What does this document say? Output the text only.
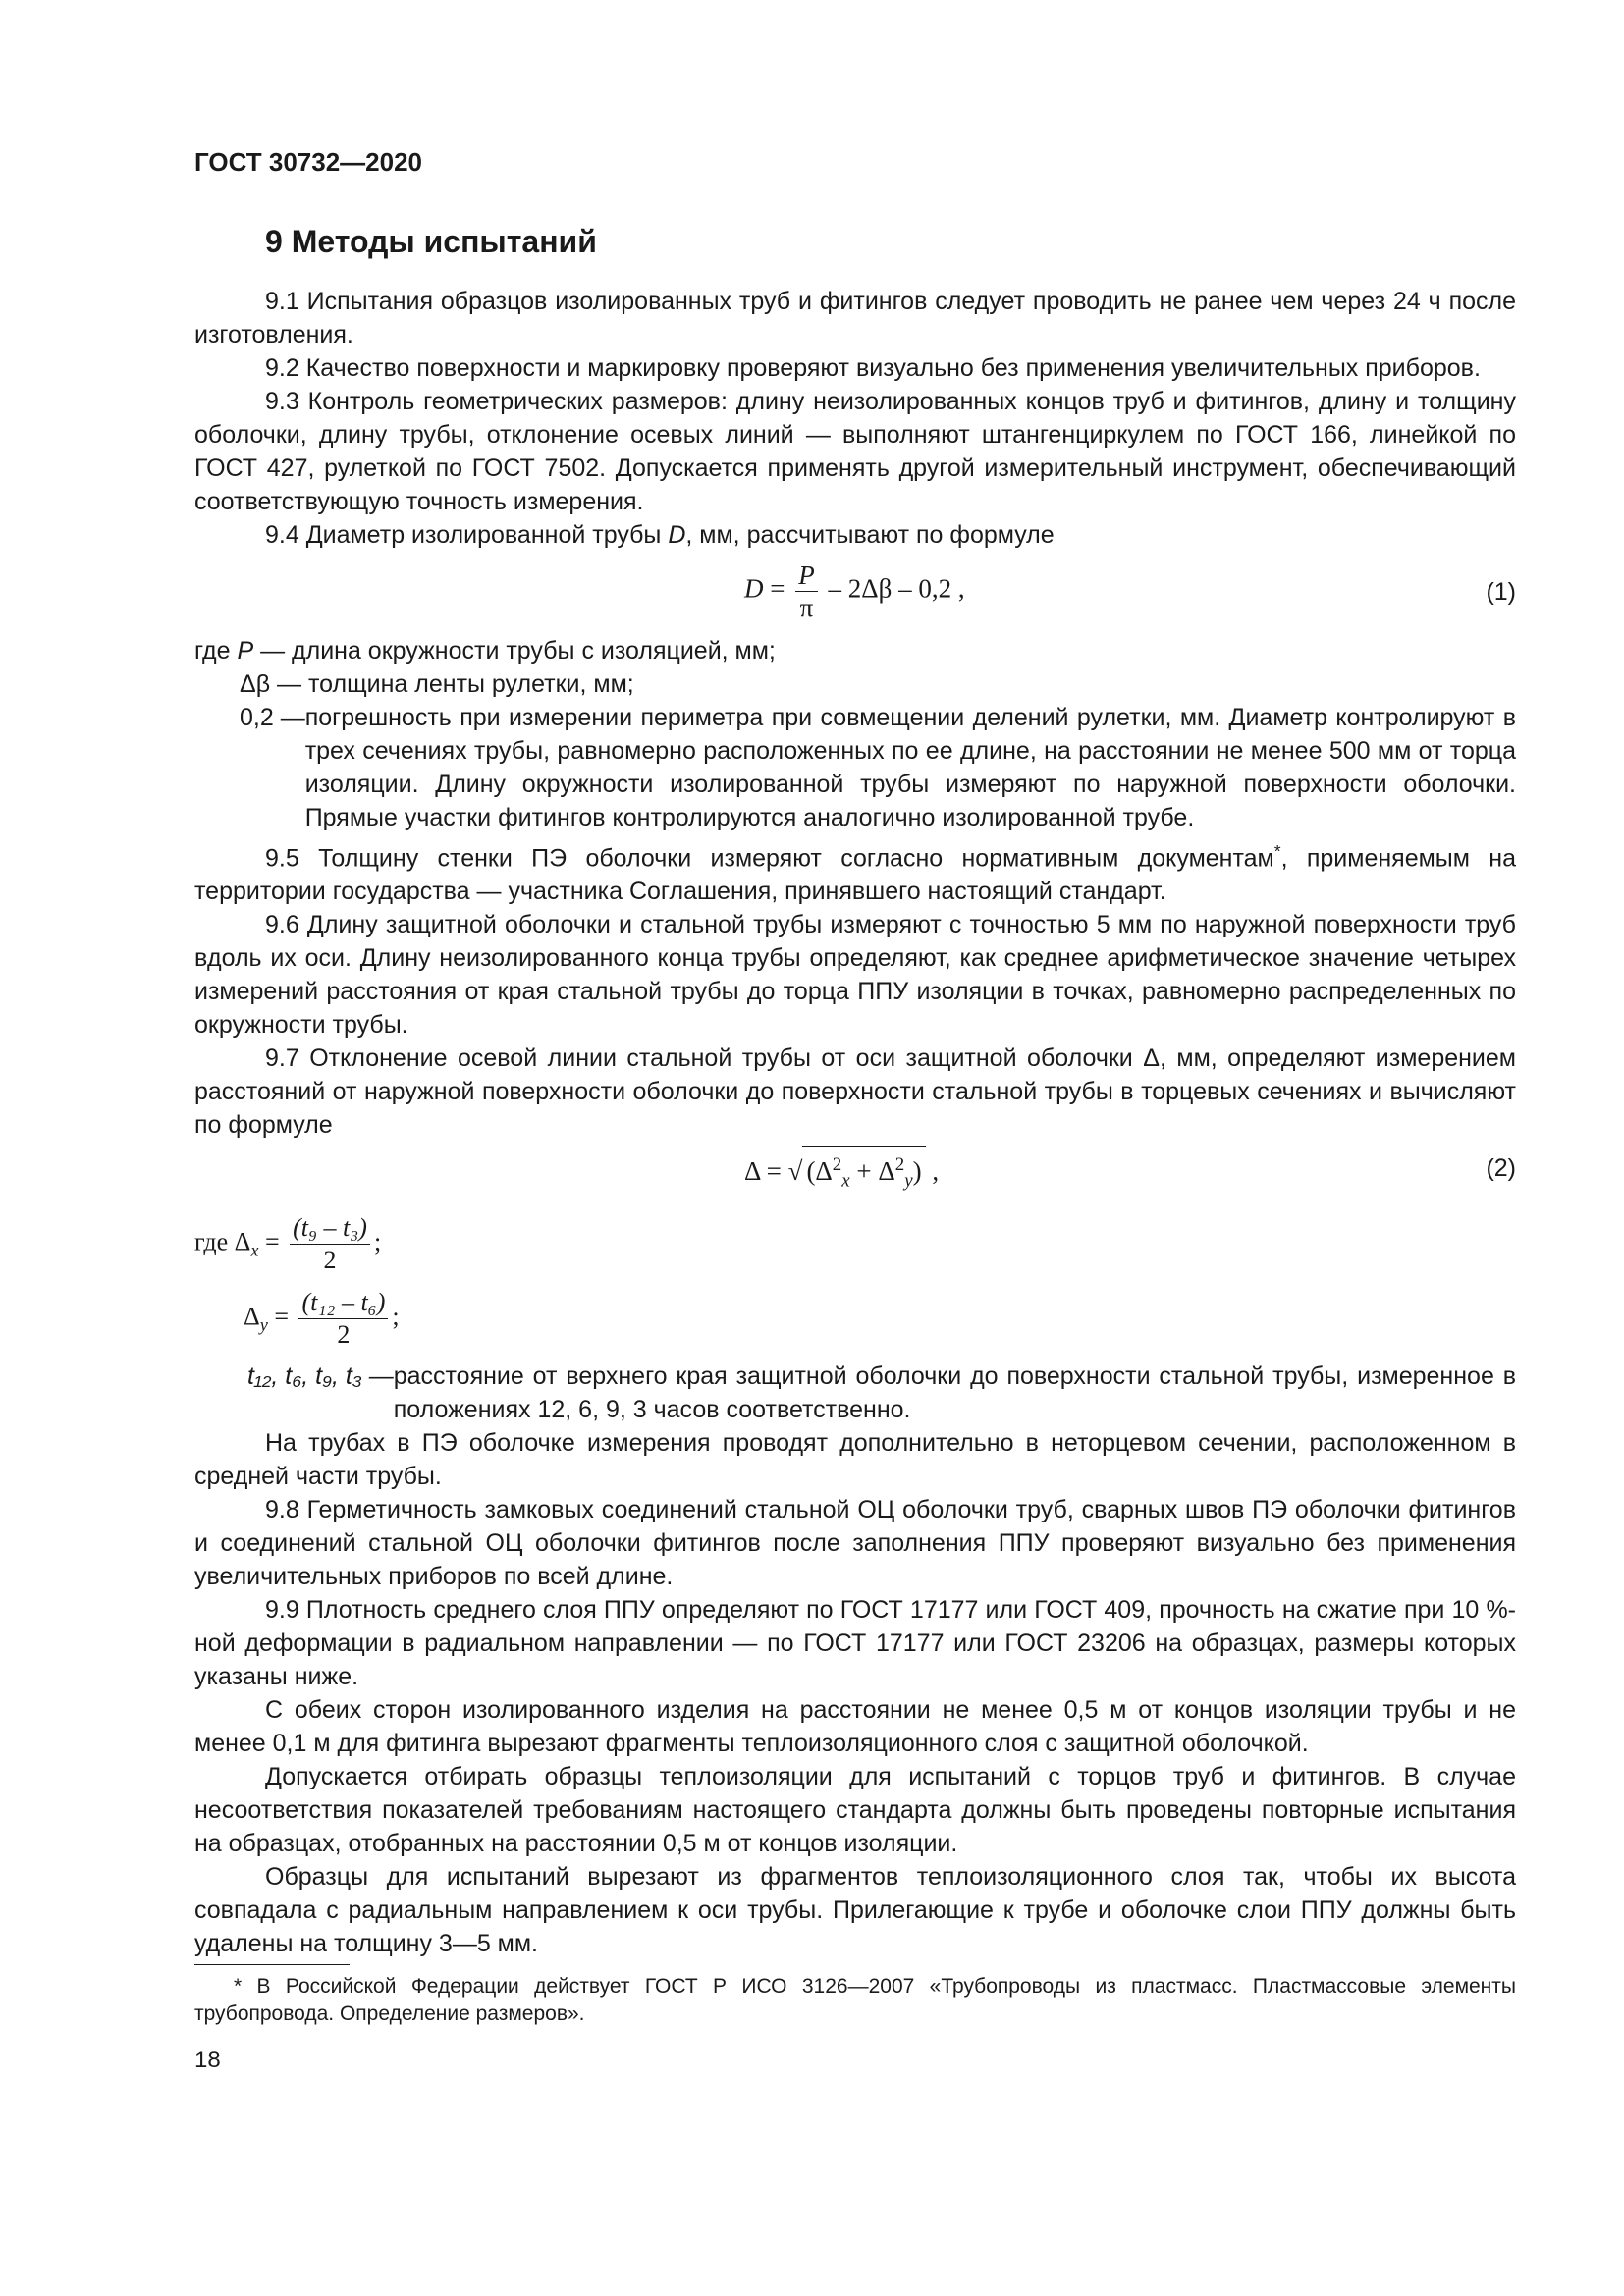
ГОСТ 30732—2020
9 Методы испытаний

9.1 Испытания образцов изолированных труб и фитингов следует проводить не ранее чем через 24 ч после изготовления.

9.2 Качество поверхности и маркировку проверяют визуально без применения увеличительных приборов.

9.3 Контроль геометрических размеров: длину неизолированных концов труб и фитингов, длину и толщину оболочки, длину трубы, отклонение осевых линий — выполняют штангенциркулем по ГОСТ 166, линейкой по ГОСТ 427, рулеткой по ГОСТ 7502. Допускается применять другой измерительный инструмент, обеспечивающий соответствующую точность измерения.

9.4 Диаметр изолированной трубы D, мм, рассчитывают по формуле

$D = \frac{P}{\pi} - 2\Delta\beta - 0,2$ ,	(1)

где P — длина окружности трубы с изоляцией, мм;

Δβ — толщина ленты рулетки, мм;

0,2 — погрешность при измерении периметра при совмещении делений рулетки, мм. Диаметр контролируют в трех сечениях трубы, равномерно расположенных по ее длине, на расстоянии не менее 500 мм от торца изоляции. Длину окружности изолированной трубы измеряют по наружной поверхности оболочки. Прямые участки фитингов контролируются аналогично изолированной трубе.

9.5 Толщину стенки ПЭ оболочки измеряют согласно нормативным документам*, применяемым на территории государства — участника Соглашения, принявшего настоящий стандарт.

9.6 Длину защитной оболочки и стальной трубы измеряют с точностью 5 мм по наружной поверхности труб вдоль их оси. Длину неизолированного конца трубы определяют, как среднее арифметическое значение четырех измерений расстояния от края стальной трубы до торца ППУ изоляции в точках, равномерно распределенных по окружности трубы.

9.7 Отклонение осевой линии стальной трубы от оси защитной оболочки Δ, мм, определяют измерением расстояний от наружной поверхности оболочки до поверхности стальной трубы в торцевых сечениях и вычисляют по формуле

Δ = √ $(\Delta^2_x + \Delta^2_y)$ ,	(2)
где $\Delta_x = \frac{\text{(t₉ – t₃)}}{2}$ ;
$\Delta_y = \frac{\text{(t₁₂ – t₆)}}{2}$ ;
t₁₂, t₆, t₉, t₃ — расстояние от верхнего края защитной оболочки до поверхности стальной трубы, измеренное в положениях 12, 6, 9, 3 часов соответственно.

На трубах в ПЭ оболочке измерения проводят дополнительно в неторцевом сечении, расположенном в средней части трубы.

9.8 Герметичность замковых соединений стальной ОЦ оболочки труб, сварных швов ПЭ оболочки фитингов и соединений стальной ОЦ оболочки фитингов после заполнения ППУ проверяют визуально без применения увеличительных приборов по всей длине.

9.9 Плотность среднего слоя ППУ определяют по ГОСТ 17177 или ГОСТ 409, прочность на сжатие при 10 %-ной деформации в радиальном направлении — по ГОСТ 17177 или ГОСТ 23206 на образцах, размеры которых указаны ниже.

С обеих сторон изолированного изделия на расстоянии не менее 0,5 м от концов изоляции трубы и не менее 0,1 м для фитинга вырезают фрагменты теплоизоляционного слоя с защитной оболочкой.

Допускается отбирать образцы теплоизоляции для испытаний с торцов труб и фитингов. В случае несоответствия показателей требованиям настоящего стандарта должны быть проведены повторные испытания на образцах, отобранных на расстоянии 0,5 м от концов изоляции.

Образцы для испытаний вырезают из фрагментов теплоизоляционного слоя так, чтобы их высота совпадала с радиальным направлением к оси трубы. Прилегающие к трубе и оболочке слои ППУ должны быть удалены на толщину 3—5 мм.

* В Российской Федерации действует ГОСТ Р ИСО 3126—2007 «Трубопроводы из пластмасс. Пластмассовые элементы трубопровода. Определение размеров».
18
